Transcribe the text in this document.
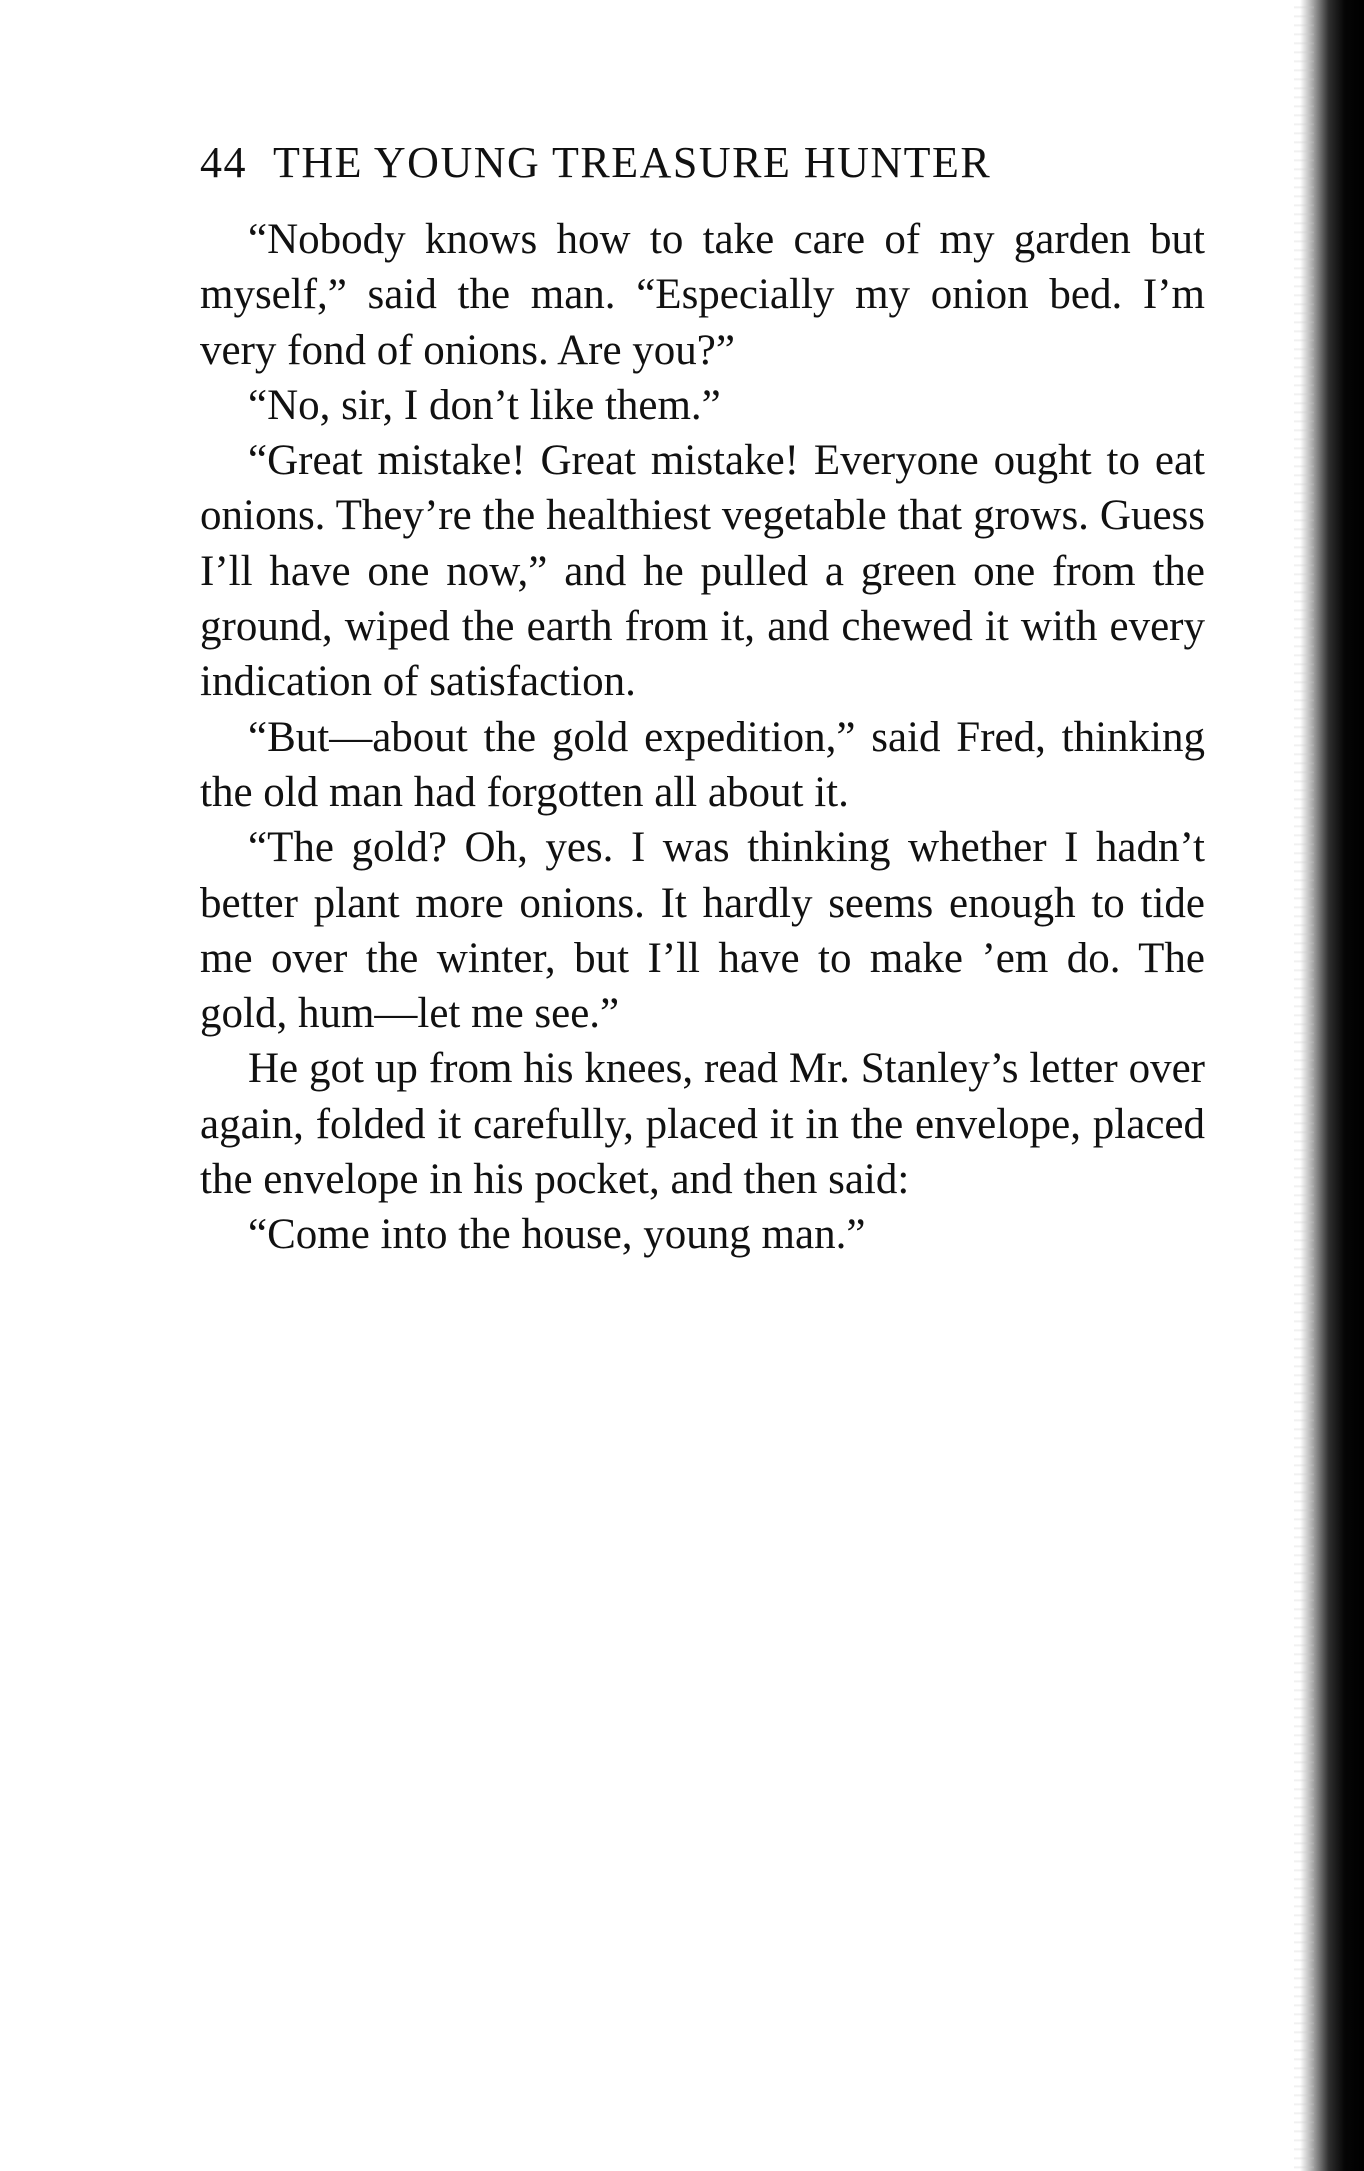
44 THE YOUNG TREASURE HUNTER

“Nobody knows how to take care of my garden but myself,” said the man. “Especially my onion bed. I’m very fond of onions. Are you?”

“No, sir, I don’t like them.”

“Great mistake! Great mistake! Everyone ought to eat onions. They’re the healthiest vegetable that grows. Guess I’ll have one now,” and he pulled a green one from the ground, wiped the earth from it, and chewed it with every indication of satisfaction.

“But—about the gold expedition,” said Fred, thinking the old man had forgotten all about it.

“The gold? Oh, yes. I was thinking whether I hadn’t better plant more onions. It hardly seems enough to tide me over the winter, but I’ll have to make ’em do. The gold, hum—let me see.”

He got up from his knees, read Mr. Stanley’s letter over again, folded it carefully, placed it in the envelope, placed the envelope in his pocket, and then said:

“Come into the house, young man.”
